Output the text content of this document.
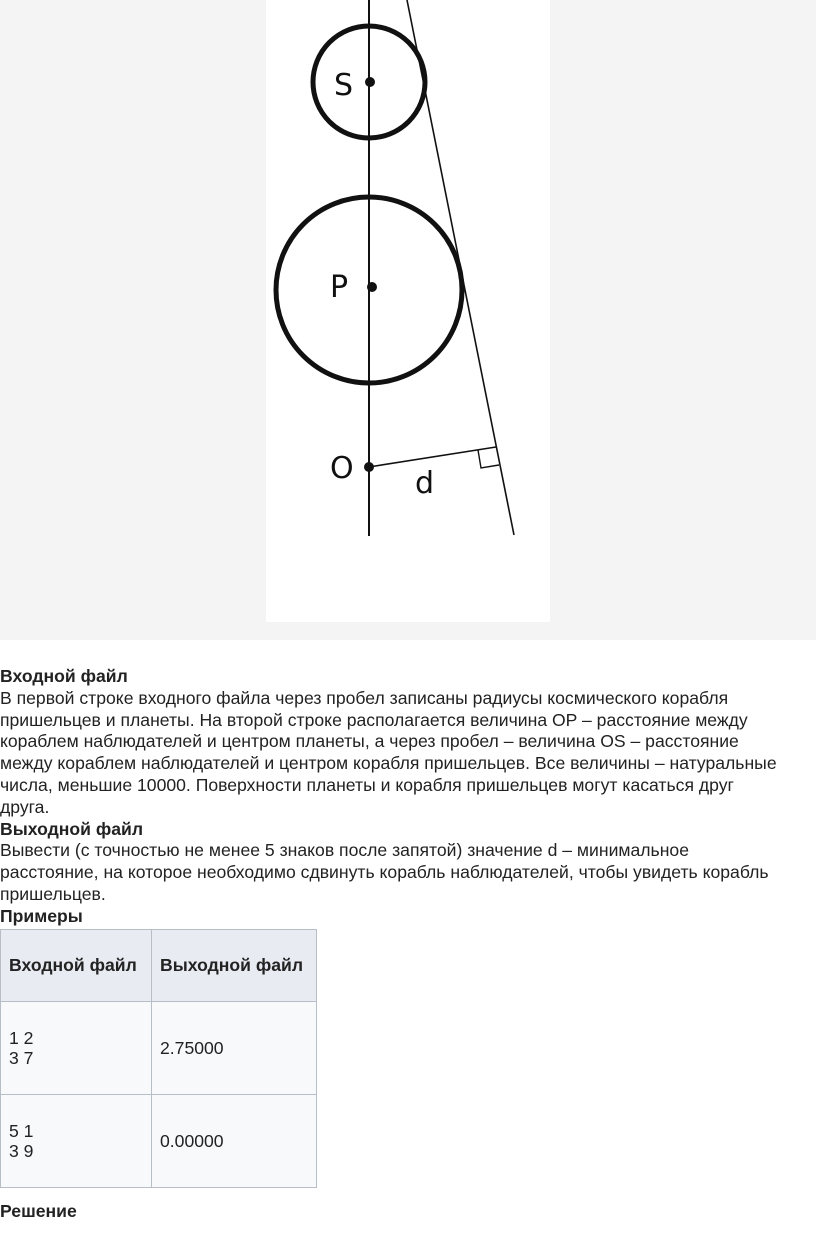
S
P
O d
Входной файл

В первой строке входного файла через пробел записаны радиусы космического корабля
пришельцев и планеты. На второй строке располагается величина OP – расстояние между
кораблем наблюдателей и центром планеты, а через пробел – величина OS – расстояние
между кораблем наблюдателей и центром корабля пришельцев. Все величины – натуральные
числа, меньшие 10000. Поверхности планеты и корабля пришельцев могут касаться друг
друга.

Выходной файл

Вывести (с точностью не менее 5 знаков после запятой) значение d – минимальное
расстояние, на которое необходимо сдвинуть корабль наблюдателей, чтобы увидеть корабль
пришельцев.

Примеры
Входной файл	Выходной файл
1 2
3 7	2.75000
5 1
3 9	0.00000
Решение
